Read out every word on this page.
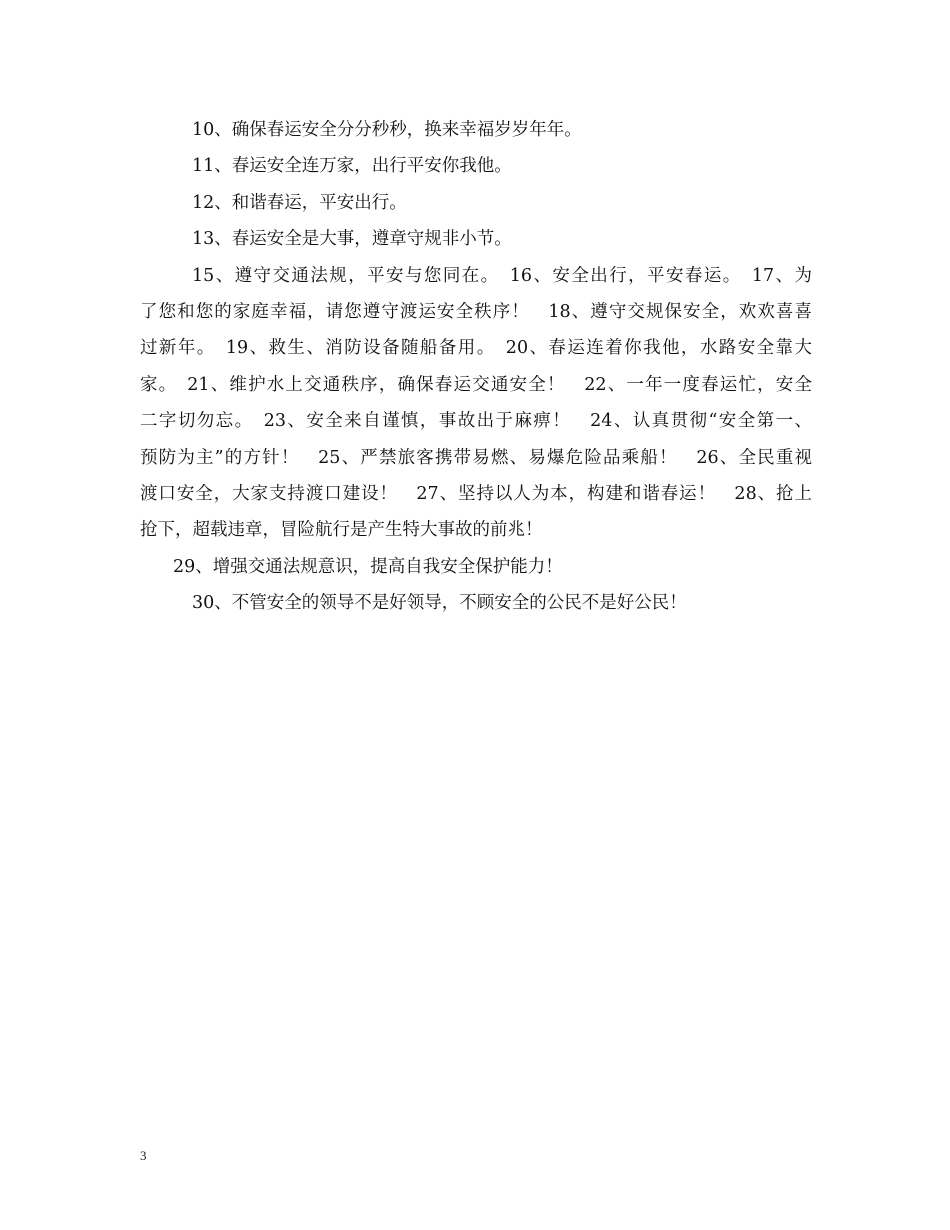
10、确保春运安全分分秒秒，换来幸福岁岁年年。

11、春运安全连万家，出行平安你我他。

12、和谐春运，平安出行。

13、春运安全是大事，遵章守规非小节。

15、遵守交通法规，平安与您同在。　16、安全出行，平安春运。　17、为
了您和您的家庭幸福，请您遵守渡运安全秩序！　18、遵守交规保安全，欢欢喜喜
过新年。　19、救生、消防设备随船备用。　20、春运连着你我他，水路安全靠大
家。　21、维护水上交通秩序，确保春运交通安全！　22、一年一度春运忙，安全
二字切勿忘。　23、安全来自谨慎，事故出于麻痹！　24、认真贯彻“安全第一、
预防为主”的方针！　25、严禁旅客携带易燃、易爆危险品乘船！　26、全民重视
渡口安全，大家支持渡口建设！　27、坚持以人为本，构建和谐春运！　28、抢上

抢下，超载违章，冒险航行是产生特大事故的前兆！

29、增强交通法规意识，提高自我安全保护能力！

30、不管安全的领导不是好领导，不顾安全的公民不是好公民！

3
